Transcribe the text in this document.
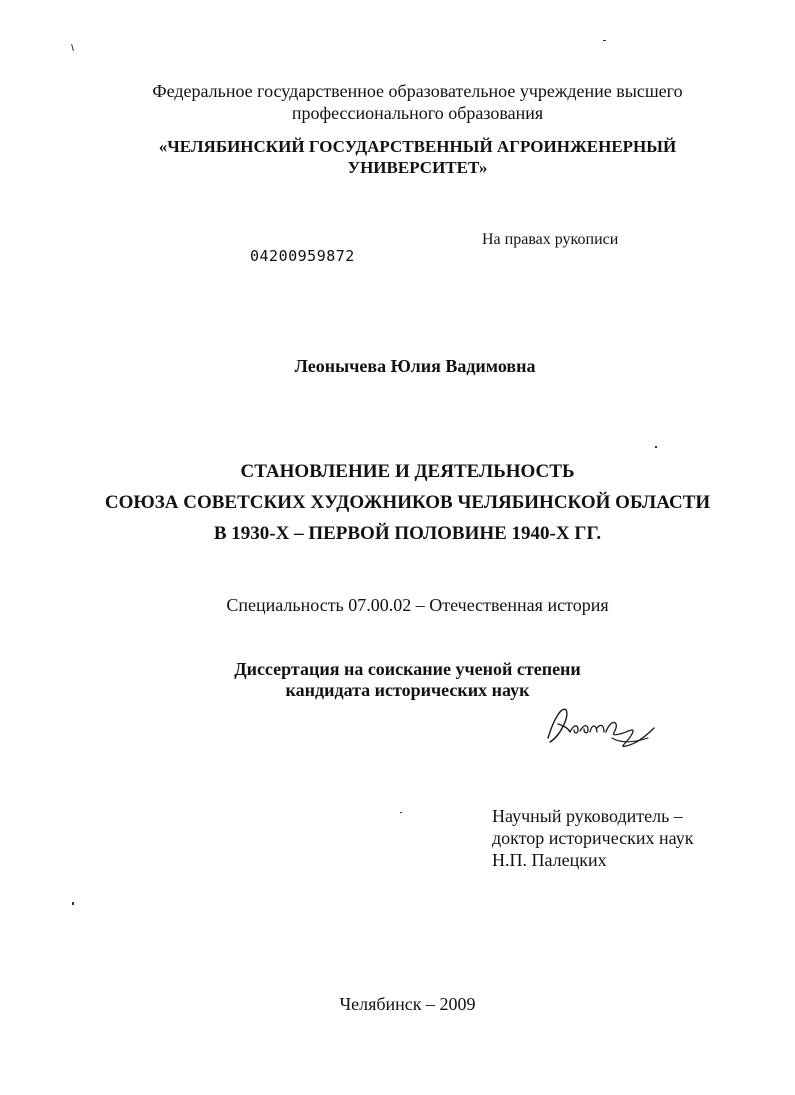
Федеральное государственное образовательное учреждение высшего
профессионального образования
«ЧЕЛЯБИНСКИЙ ГОСУДАРСТВЕННЫЙ АГРОИНЖЕНЕРНЫЙ
УНИВЕРСИТЕТ»
На правах рукописи
04200959872
Леонычева Юлия Вадимовна
СТАНОВЛЕНИЕ И ДЕЯТЕЛЬНОСТЬ
СОЮЗА СОВЕТСКИХ ХУДОЖНИКОВ ЧЕЛЯБИНСКОЙ ОБЛАСТИ
В 1930-Х – ПЕРВОЙ ПОЛОВИНЕ 1940-Х ГГ.
Специальность 07.00.02 – Отечественная история
Диссертация на соискание ученой степени
кандидата исторических наук
Научный руководитель –
доктор исторических наук
Н.П. Палецких
Челябинск – 2009
